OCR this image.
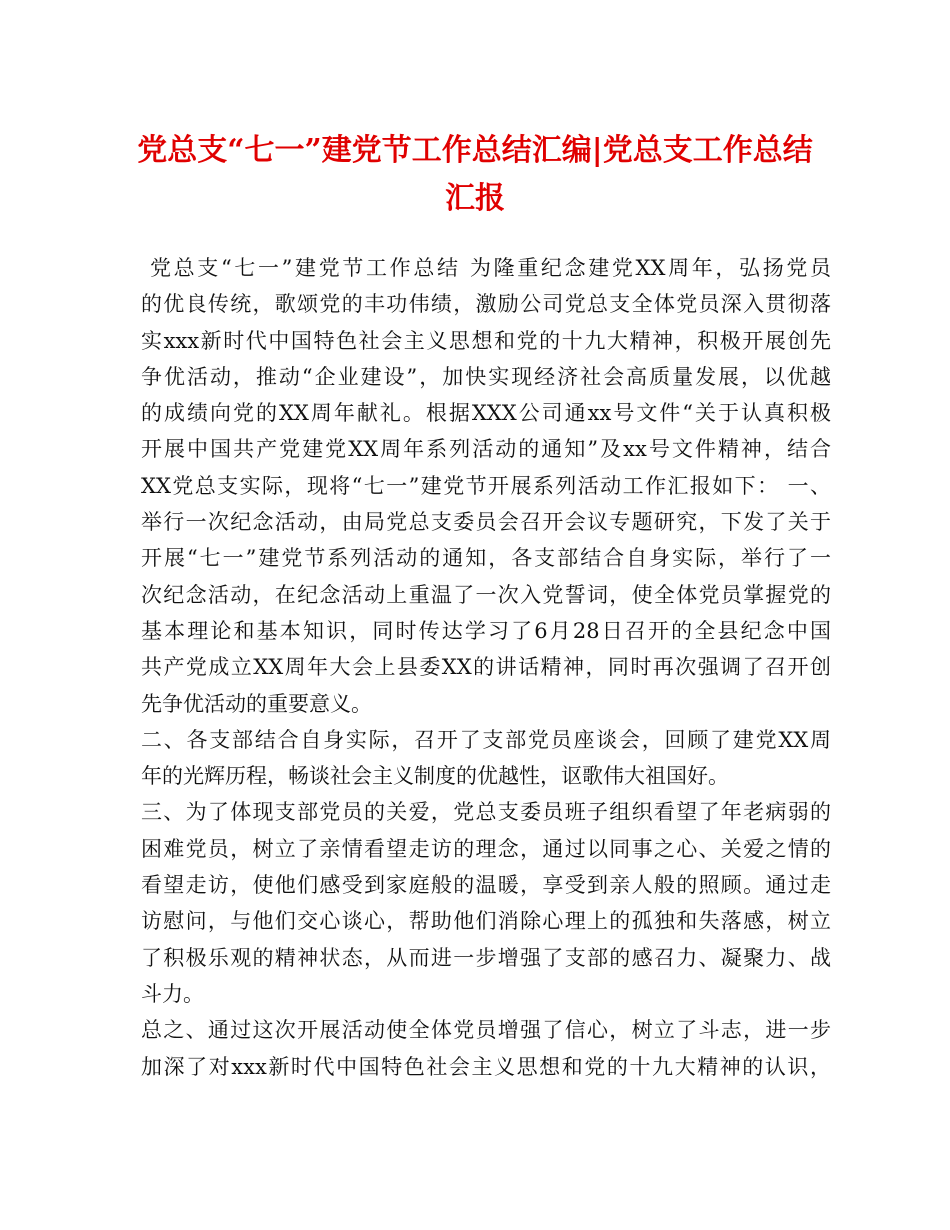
党总支“七一”建党节工作总结汇编|党总支工作总结
汇报
党总支“七一”建党节工作总结 为隆重纪念建党XX周年，弘扬党员
的优良传统，歌颂党的丰功伟绩，激励公司党总支全体党员深入贯彻落
实xxx新时代中国特色社会主义思想和党的十九大精神，积极开展创先
争优活动，推动“企业建设”，加快实现经济社会高质量发展，以优越
的成绩向党的XX周年献礼。根据XXX公司通xx号文件“关于认真积极
开展中国共产党建党XX周年系列活动的通知”及xx号文件精神，结合
XX党总支实际，现将“七一”建党节开展系列活动工作汇报如下： 一、
举行一次纪念活动，由局党总支委员会召开会议专题研究，下发了关于
开展“七一”建党节系列活动的通知，各支部结合自身实际，举行了一
次纪念活动，在纪念活动上重温了一次入党誓词，使全体党员掌握党的
基本理论和基本知识，同时传达学习了6月28日召开的全县纪念中国
共产党成立XX周年大会上县委XX的讲话精神，同时再次强调了召开创
先争优活动的重要意义。
二、各支部结合自身实际，召开了支部党员座谈会，回顾了建党XX周
年的光辉历程，畅谈社会主义制度的优越性，讴歌伟大祖国好。
三、为了体现支部党员的关爱，党总支委员班子组织看望了年老病弱的
困难党员，树立了亲情看望走访的理念，通过以同事之心、关爱之情的
看望走访，使他们感受到家庭般的温暖，享受到亲人般的照顾。通过走
访慰问，与他们交心谈心，帮助他们消除心理上的孤独和失落感，树立
了积极乐观的精神状态，从而进一步增强了支部的感召力、凝聚力、战
斗力。
总之、通过这次开展活动使全体党员增强了信心，树立了斗志，进一步
加深了对xxx新时代中国特色社会主义思想和党的十九大精神的认识，
